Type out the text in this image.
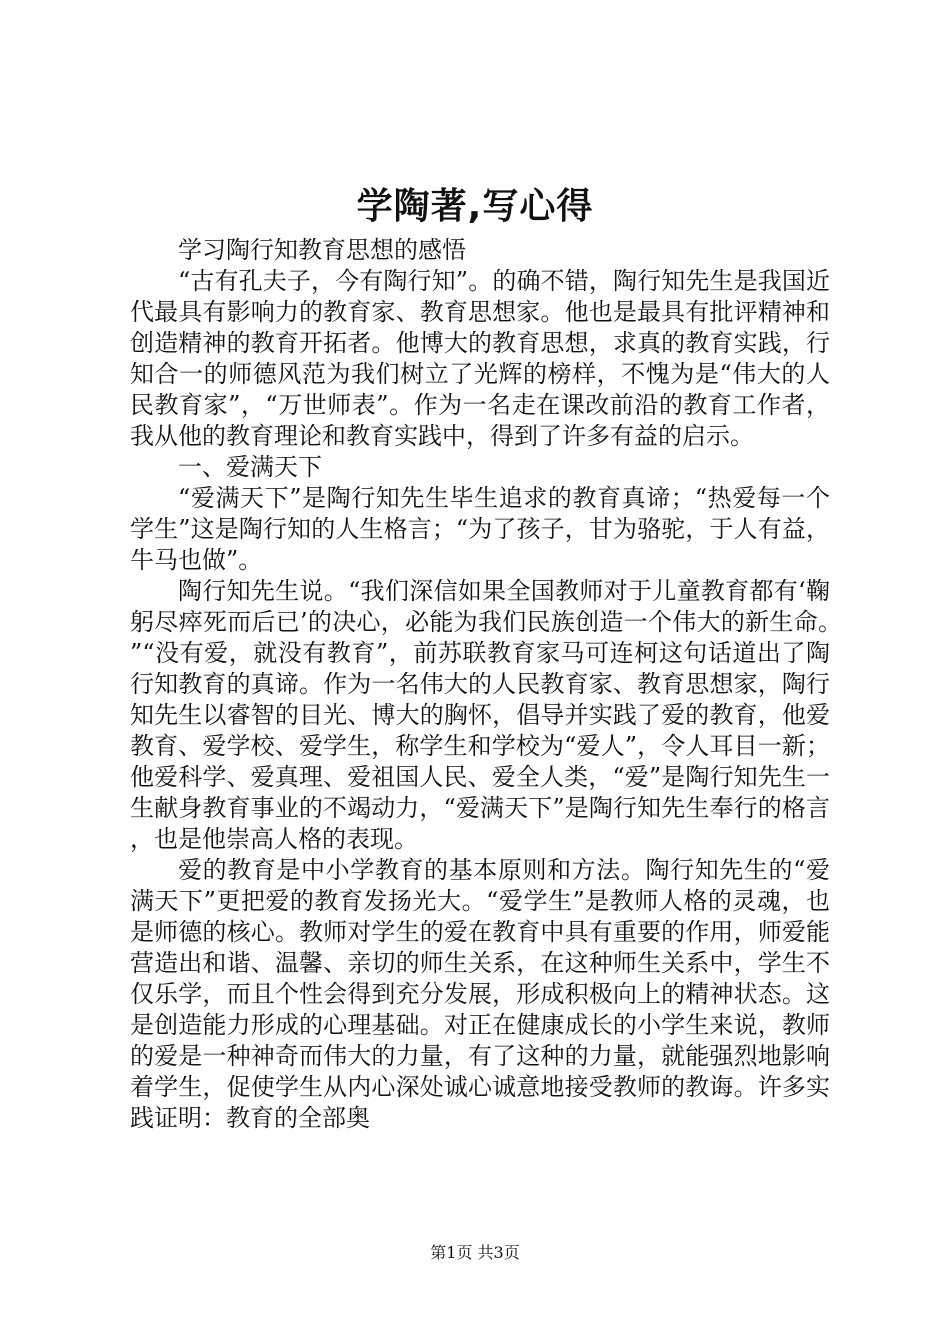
学陶著,写心得

学习陶行知教育思想的感悟

“古有孔夫子，今有陶行知”。的确不错，陶行知先生是我国近代最具有影响力的教育家、教育思想家。他也是最具有批评精神和创造精神的教育开拓者。他博大的教育思想，求真的教育实践，行知合一的师德风范为我们树立了光辉的榜样，不愧为是“伟大的人民教育家”，“万世师表”。作为一名走在课改前沿的教育工作者，我从他的教育理论和教育实践中，得到了许多有益的启示。

一、爱满天下

“爱满天下”是陶行知先生毕生追求的教育真谛；“热爱每一个学生”这是陶行知的人生格言；“为了孩子，甘为骆驼，于人有益，牛马也做”。

陶行知先生说。“我们深信如果全国教师对于儿童教育都有‘鞠躬尽瘁死而后已’的决心，必能为我们民族创造一个伟大的新生命。”“没有爱，就没有教育”，前苏联教育家马可连柯这句话道出了陶行知教育的真谛。作为一名伟大的人民教育家、教育思想家，陶行知先生以睿智的目光、博大的胸怀，倡导并实践了爱的教育，他爱教育、爱学校、爱学生，称学生和学校为“爱人”，令人耳目一新；他爱科学、爱真理、爱祖国人民、爱全人类，“爱”是陶行知先生一生献身教育事业的不竭动力，“爱满天下”是陶行知先生奉行的格言，也是他崇高人格的表现。

爱的教育是中小学教育的基本原则和方法。陶行知先生的“爱满天下”更把爱的教育发扬光大。“爱学生”是教师人格的灵魂，也是师德的核心。教师对学生的爱在教育中具有重要的作用，师爱能营造出和谐、温馨、亲切的师生关系，在这种师生关系中，学生不仅乐学，而且个性会得到充分发展，形成积极向上的精神状态。这是创造能力形成的心理基础。对正在健康成长的小学生来说，教师的爱是一种神奇而伟大的力量，有了这种的力量，就能强烈地影响着学生，促使学生从内心深处诚心诚意地接受教师的教诲。许多实践证明：教育的全部奥

第1页 共3页
